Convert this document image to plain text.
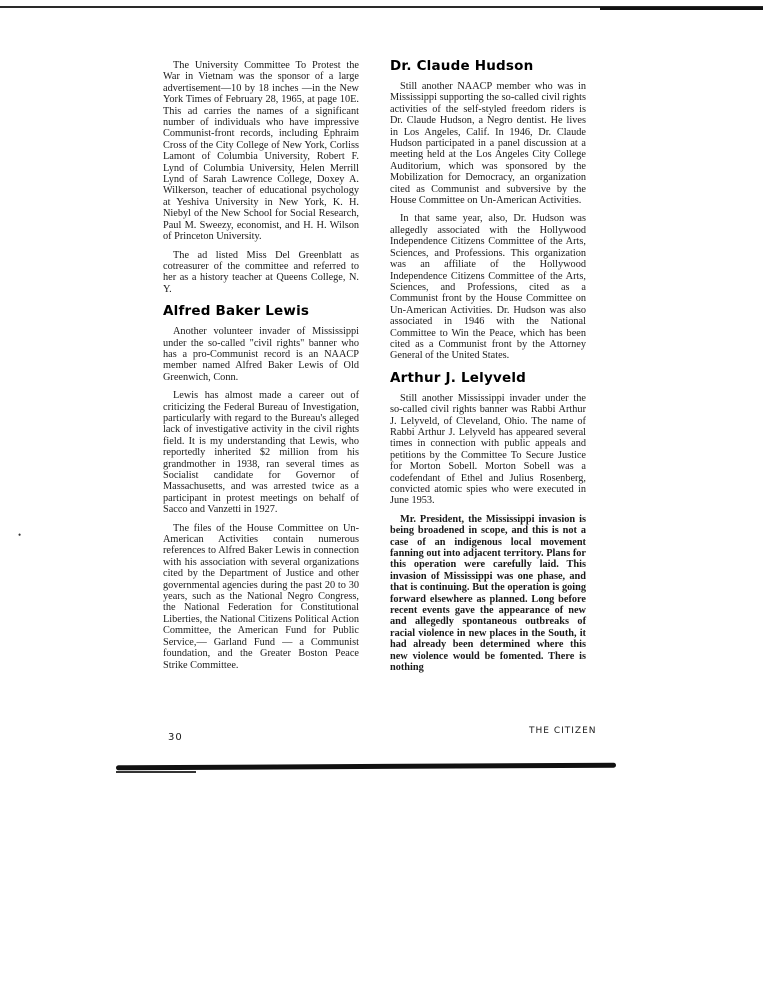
•

The University Committee To Protest the War in Vietnam was the sponsor of a large advertisement—10 by 18 inches —in the New York Times of February 28, 1965, at page 10E. This ad carries the names of a significant number of individuals who have impressive Communist-front records, including Ephraim Cross of the City College of New York, Corliss Lamont of Columbia University, Robert F. Lynd of Columbia University, Helen Merrill Lynd of Sarah Lawrence College, Doxey A. Wilkerson, teacher of educational psychology at Yeshiva University in New York, K. H. Niebyl of the New School for Social Research, Paul M. Sweezy, economist, and H. H. Wilson of Princeton University.

The ad listed Miss Del Greenblatt as cotreasurer of the committee and referred to her as a history teacher at Queens College, N. Y.

Alfred Baker Lewis

Another volunteer invader of Mississippi under the so-called "civil rights" banner who has a pro-Communist record is an NAACP member named Alfred Baker Lewis of Old Greenwich, Conn.

Lewis has almost made a career out of criticizing the Federal Bureau of Investigation, particularly with regard to the Bureau's alleged lack of investigative activity in the civil rights field. It is my understanding that Lewis, who reportedly inherited $2 million from his grandmother in 1938, ran several times as Socialist candidate for Governor of Massachusetts, and was arrested twice as a participant in protest meetings on behalf of Sacco and Vanzetti in 1927.

The files of the House Committee on Un-American Activities contain numerous references to Alfred Baker Lewis in connection with his association with several organizations cited by the Department of Justice and other governmental agencies during the past 20 to 30 years, such as the National Negro Congress, the National Federation for Constitutional Liberties, the National Citizens Political Action Committee, the American Fund for Public Service,— Garland Fund — a Communist foundation, and the Greater Boston Peace Strike Committee.

Dr. Claude Hudson

Still another NAACP member who was in Mississippi supporting the so-called civil rights activities of the self-styled freedom riders is Dr. Claude Hudson, a Negro dentist. He lives in Los Angeles, Calif. In 1946, Dr. Claude Hudson participated in a panel discussion at a meeting held at the Los Angeles City College Auditorium, which was sponsored by the Mobilization for Democracy, an organization cited as Communist and subversive by the House Committee on Un-American Activities.

In that same year, also, Dr. Hudson was allegedly associated with the Hollywood Independence Citizens Committee of the Arts, Sciences, and Professions. This organization was an affiliate of the Hollywood Independence Citizens Committee of the Arts, Sciences, and Professions, cited as a Communist front by the House Committee on Un-American Activities. Dr. Hudson was also associated in 1946 with the National Committee to Win the Peace, which has been cited as a Communist front by the Attorney General of the United States.

Arthur J. Lelyveld

Still another Mississippi invader under the so-called civil rights banner was Rabbi Arthur J. Lelyveld, of Cleveland, Ohio. The name of Rabbi Arthur J. Lelyveld has appeared several times in connection with public appeals and petitions by the Committee To Secure Justice for Morton Sobell. Morton Sobell was a codefendant of Ethel and Julius Rosenberg, convicted atomic spies who were executed in June 1953.

Mr. President, the Mississippi invasion is being broadened in scope, and this is not a case of an indigenous local movement fanning out into adjacent territory. Plans for this operation were carefully laid. This invasion of Mississippi was one phase, and that is continuing. But the operation is going forward elsewhere as planned. Long before recent events gave the appearance of new and allegedly spontaneous outbreaks of racial violence in new places in the South, it had already been determined where this new violence would be fomented. There is nothing

30
THE CITIZEN
